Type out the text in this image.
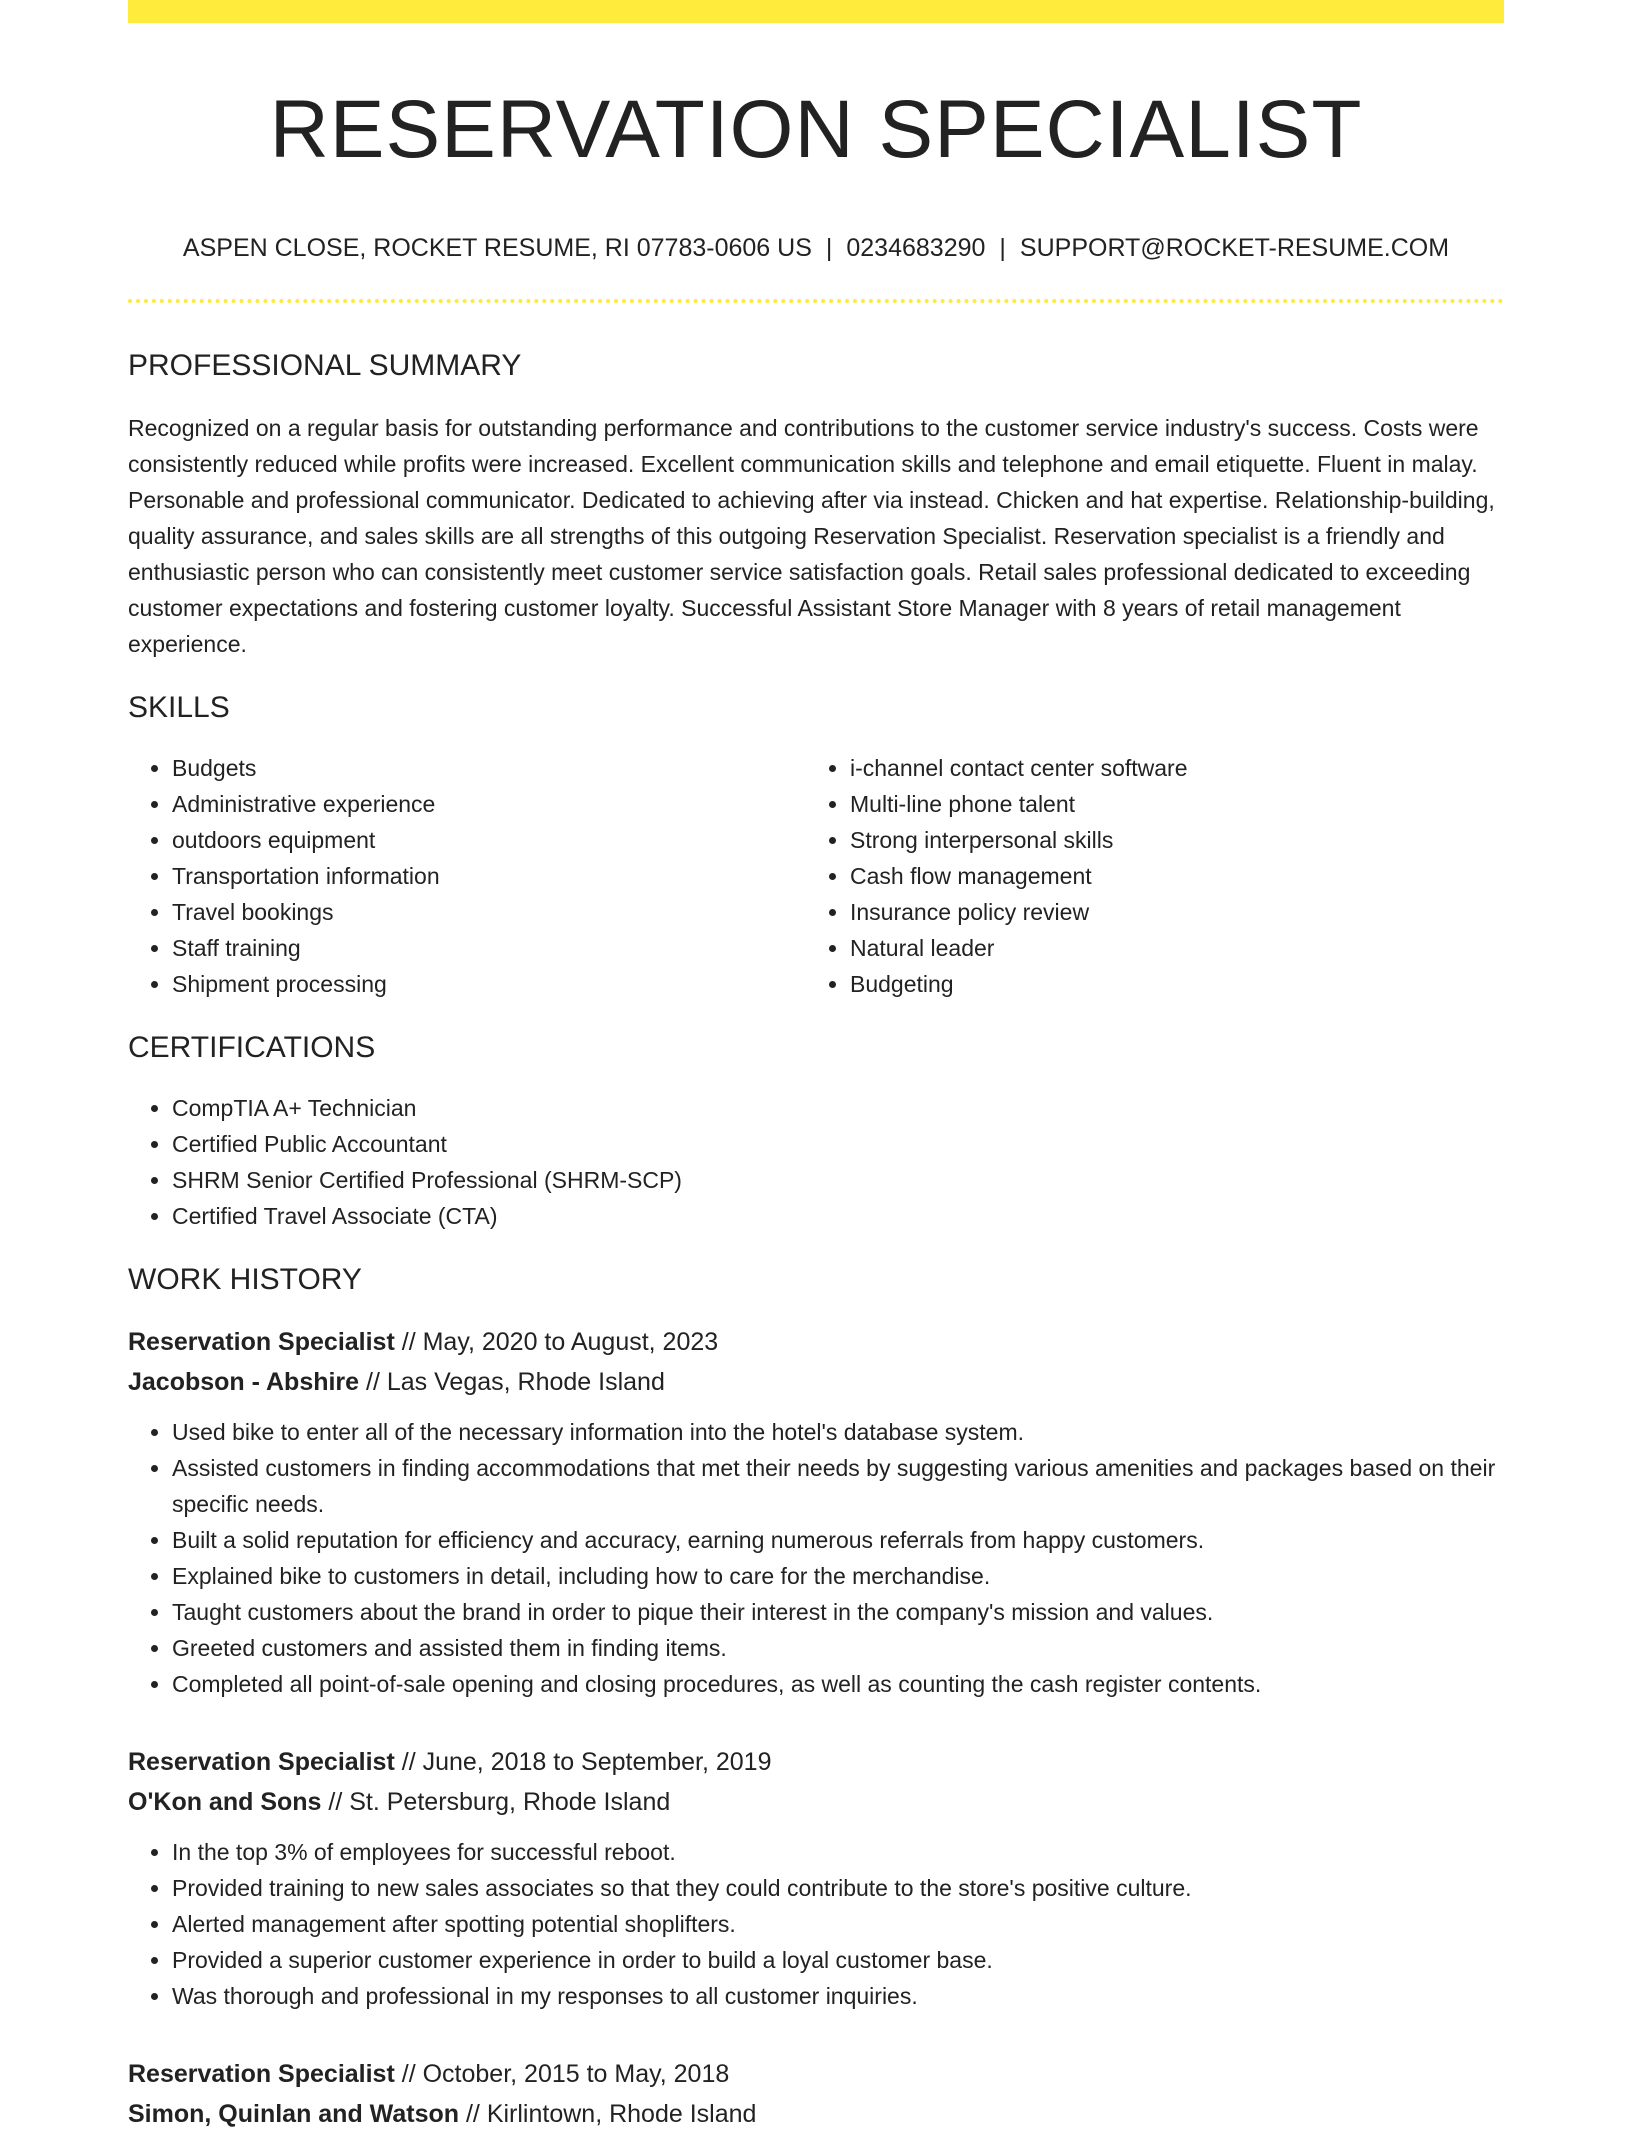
RESERVATION SPECIALIST
ASPEN CLOSE, ROCKET RESUME, RI 07783-0606 US | 0234683290 | SUPPORT@ROCKET-RESUME.COM
PROFESSIONAL SUMMARY
Recognized on a regular basis for outstanding performance and contributions to the customer service industry's success. Costs were consistently reduced while profits were increased. Excellent communication skills and telephone and email etiquette. Fluent in malay. Personable and professional communicator. Dedicated to achieving after via instead. Chicken and hat expertise. Relationship-building, quality assurance, and sales skills are all strengths of this outgoing Reservation Specialist. Reservation specialist is a friendly and enthusiastic person who can consistently meet customer service satisfaction goals. Retail sales professional dedicated to exceeding customer expectations and fostering customer loyalty. Successful Assistant Store Manager with 8 years of retail management experience.
SKILLS
• Budgets
• Administrative experience
• outdoors equipment
• Transportation information
• Travel bookings
• Staff training
• Shipment processing
• i-channel contact center software
• Multi-line phone talent
• Strong interpersonal skills
• Cash flow management
• Insurance policy review
• Natural leader
• Budgeting
CERTIFICATIONS
• CompTIA A+ Technician
• Certified Public Accountant
• SHRM Senior Certified Professional (SHRM-SCP)
• Certified Travel Associate (CTA)
WORK HISTORY
Reservation Specialist // May, 2020 to August, 2023
Jacobson - Abshire // Las Vegas, Rhode Island
• Used bike to enter all of the necessary information into the hotel's database system.
• Assisted customers in finding accommodations that met their needs by suggesting various amenities and packages based on their specific needs.
• Built a solid reputation for efficiency and accuracy, earning numerous referrals from happy customers.
• Explained bike to customers in detail, including how to care for the merchandise.
• Taught customers about the brand in order to pique their interest in the company's mission and values.
• Greeted customers and assisted them in finding items.
• Completed all point-of-sale opening and closing procedures, as well as counting the cash register contents.
Reservation Specialist // June, 2018 to September, 2019
O'Kon and Sons // St. Petersburg, Rhode Island
• In the top 3% of employees for successful reboot.
• Provided training to new sales associates so that they could contribute to the store's positive culture.
• Alerted management after spotting potential shoplifters.
• Provided a superior customer experience in order to build a loyal customer base.
• Was thorough and professional in my responses to all customer inquiries.
Reservation Specialist // October, 2015 to May, 2018
Simon, Quinlan and Watson // Kirlintown, Rhode Island
